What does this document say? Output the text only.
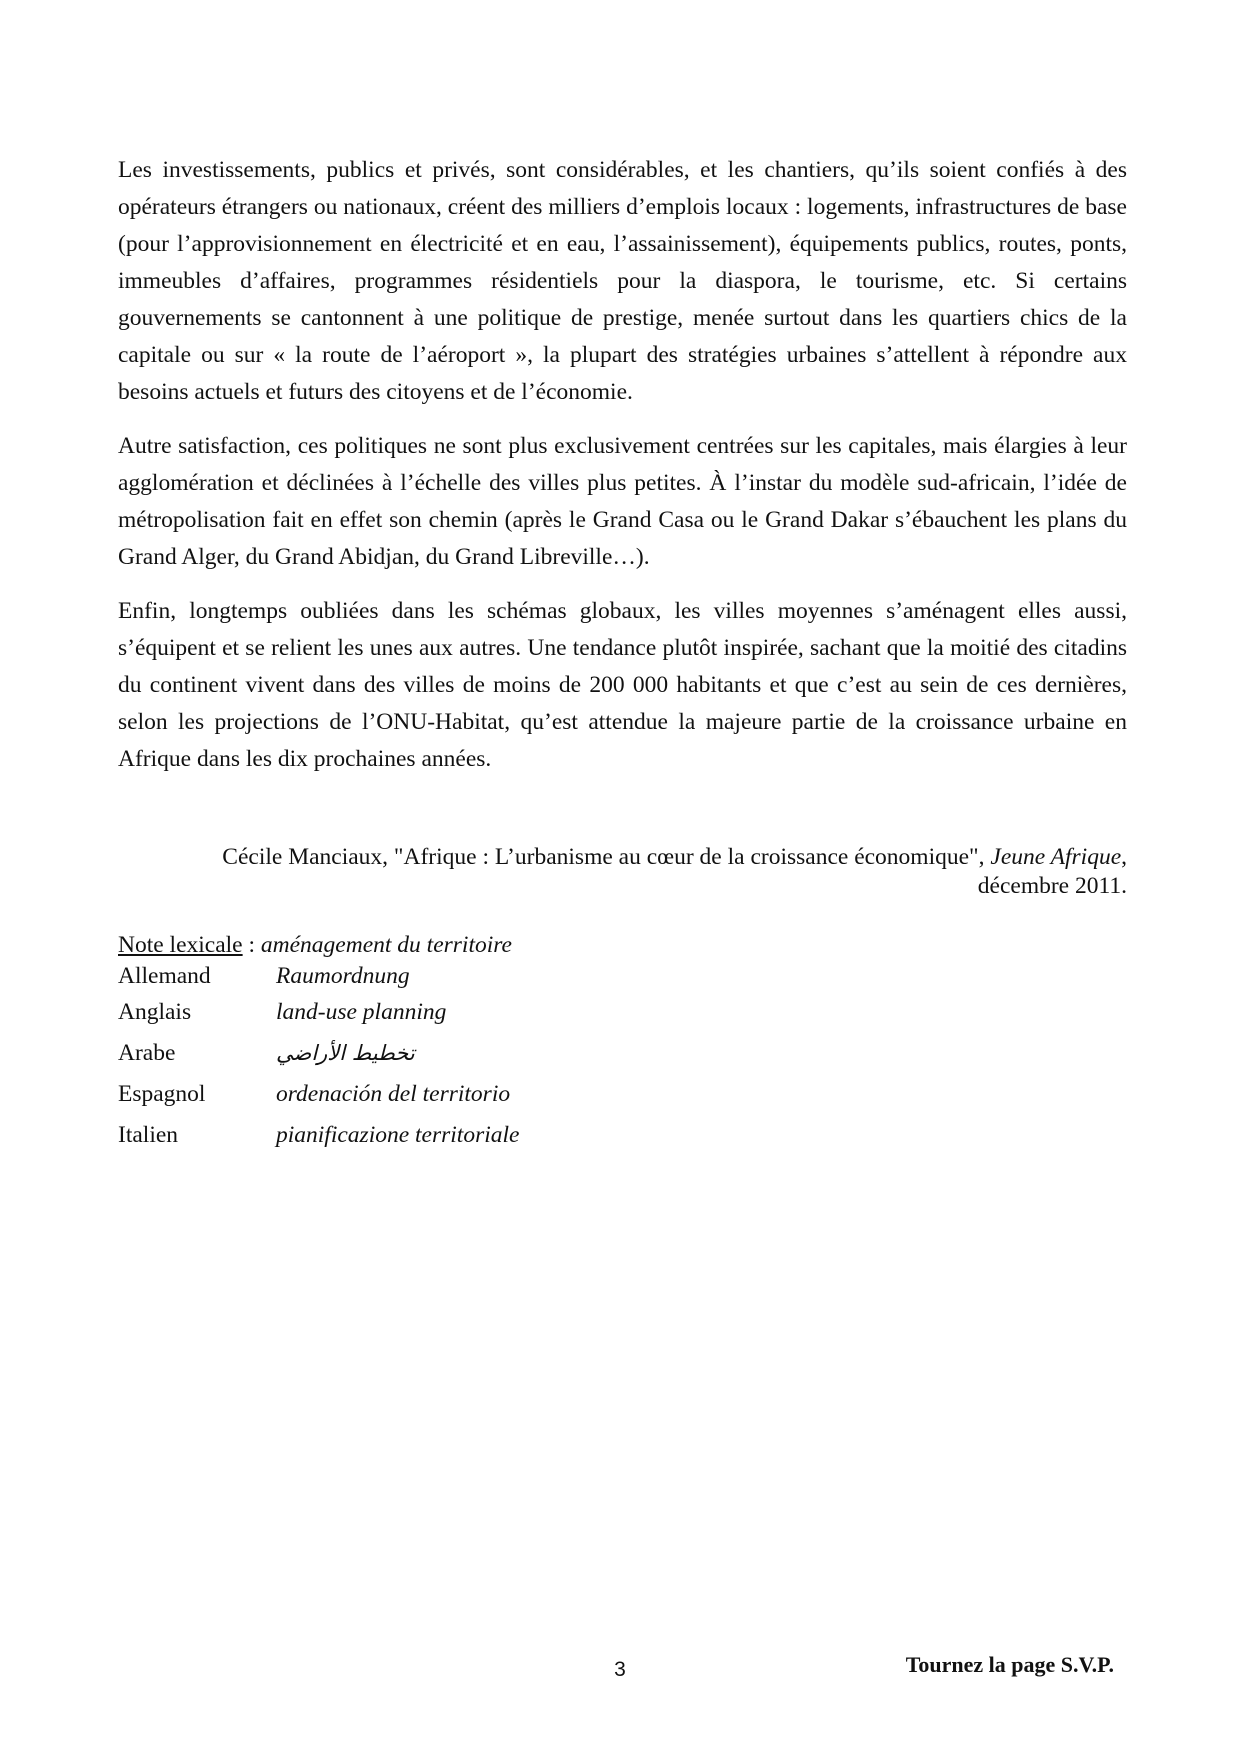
Les investissements, publics et privés, sont considérables, et les chantiers, qu’ils soient confiés à des opérateurs étrangers ou nationaux, créent des milliers d’emplois locaux : logements, infrastructures de base (pour l’approvisionnement en électricité et en eau, l’assainissement), équipements publics, routes, ponts, immeubles d’affaires, programmes résidentiels pour la diaspora, le tourisme, etc. Si certains gouvernements se cantonnent à une politique de prestige, menée surtout dans les quartiers chics de la capitale ou sur « la route de l’aéroport », la plupart des stratégies urbaines s’attellent à répondre aux besoins actuels et futurs des citoyens et de l’économie.

Autre satisfaction, ces politiques ne sont plus exclusivement centrées sur les capitales, mais élargies à leur agglomération et déclinées à l’échelle des villes plus petites. À l’instar du modèle sud-africain, l’idée de métropolisation fait en effet son chemin (après le Grand Casa ou le Grand Dakar s’ébauchent les plans du Grand Alger, du Grand Abidjan, du Grand Libreville…).

Enfin, longtemps oubliées dans les schémas globaux, les villes moyennes s’aménagent elles aussi, s’équipent et se relient les unes aux autres. Une tendance plutôt inspirée, sachant que la moitié des citadins du continent vivent dans des villes de moins de 200 000 habitants et que c’est au sein de ces dernières, selon les projections de l’ONU-Habitat, qu’est attendue la majeure partie de la croissance urbaine en Afrique dans les dix prochaines années.

Cécile Manciaux, "Afrique : L’urbanisme au cœur de la croissance économique", Jeune Afrique,
décembre 2011.
Note lexicale : aménagement du territoire
Allemand	Raumordnung
Anglais	land-use planning
Arabe	تخطيط الأراضي
Espagnol	ordenación del territorio
Italien	pianificazione territoriale
3	Tournez la page S.V.P.
